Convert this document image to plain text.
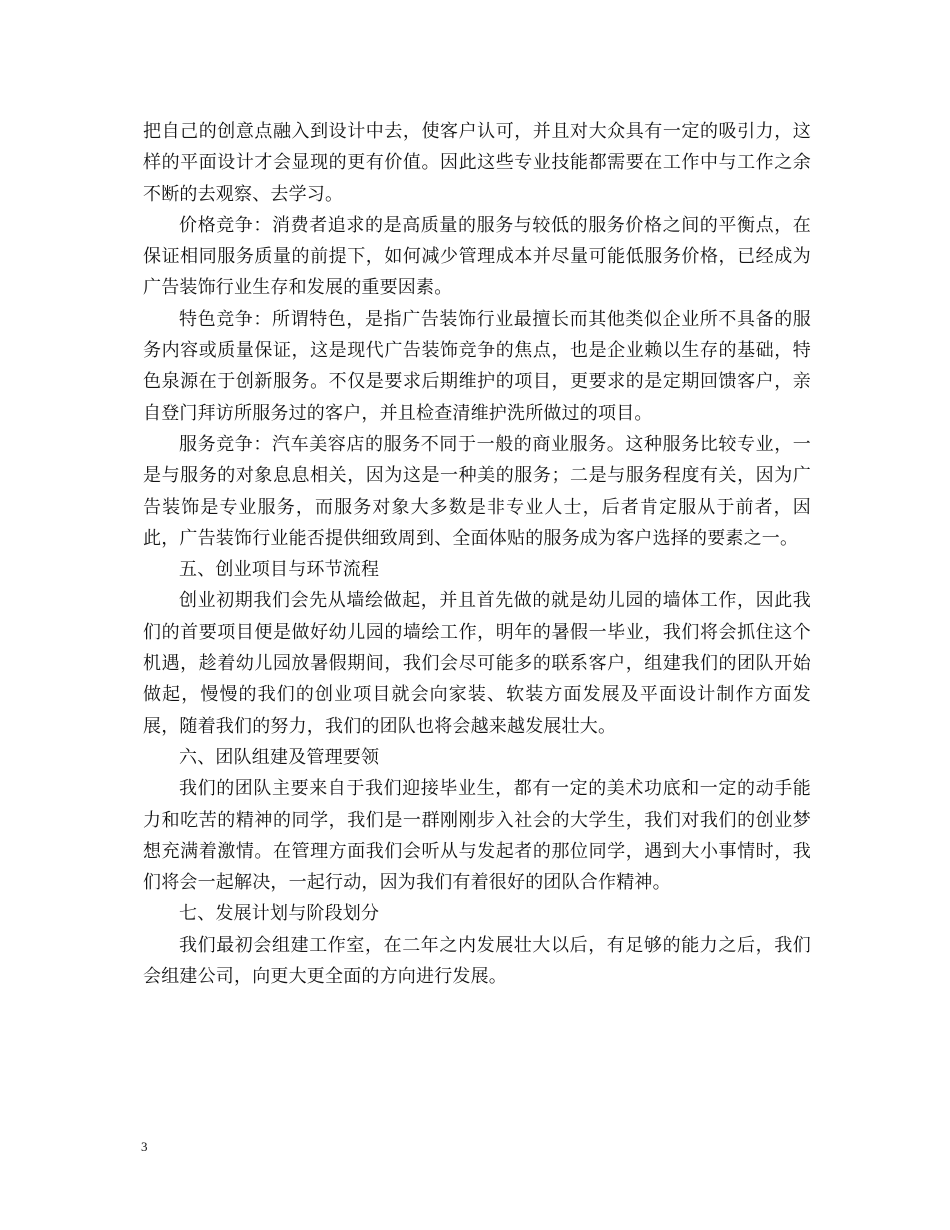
把自己的创意点融入到设计中去，使客户认可，并且对大众具有一定的吸引力，这样的平面设计才会显现的更有价值。因此这些专业技能都需要在工作中与工作之余不断的去观察、去学习。

价格竞争：消费者追求的是高质量的服务与较低的服务价格之间的平衡点，在保证相同服务质量的前提下，如何减少管理成本并尽量可能低服务价格，已经成为广告装饰行业生存和发展的重要因素。

特色竞争：所谓特色，是指广告装饰行业最擅长而其他类似企业所不具备的服务内容或质量保证，这是现代广告装饰竞争的焦点，也是企业赖以生存的基础，特色泉源在于创新服务。不仅是要求后期维护的项目，更要求的是定期回馈客户，亲自登门拜访所服务过的客户，并且检查清维护洗所做过的项目。

服务竞争：汽车美容店的服务不同于一般的商业服务。这种服务比较专业，一是与服务的对象息息相关，因为这是一种美的服务；二是与服务程度有关，因为广告装饰是专业服务，而服务对象大多数是非专业人士，后者肯定服从于前者，因此，广告装饰行业能否提供细致周到、全面体贴的服务成为客户选择的要素之一。

五、创业项目与环节流程

创业初期我们会先从墙绘做起，并且首先做的就是幼儿园的墙体工作，因此我们的首要项目便是做好幼儿园的墙绘工作，明年的暑假一毕业，我们将会抓住这个机遇，趁着幼儿园放暑假期间，我们会尽可能多的联系客户，组建我们的团队开始做起，慢慢的我们的创业项目就会向家装、软装方面发展及平面设计制作方面发展，随着我们的努力，我们的团队也将会越来越发展壮大。

六、团队组建及管理要领

我们的团队主要来自于我们迎接毕业生，都有一定的美术功底和一定的动手能力和吃苦的精神的同学，我们是一群刚刚步入社会的大学生，我们对我们的创业梦想充满着激情。在管理方面我们会听从与发起者的那位同学，遇到大小事情时，我们将会一起解决，一起行动，因为我们有着很好的团队合作精神。

七、发展计划与阶段划分

我们最初会组建工作室，在二年之内发展壮大以后，有足够的能力之后，我们会组建公司，向更大更全面的方向进行发展。

3
